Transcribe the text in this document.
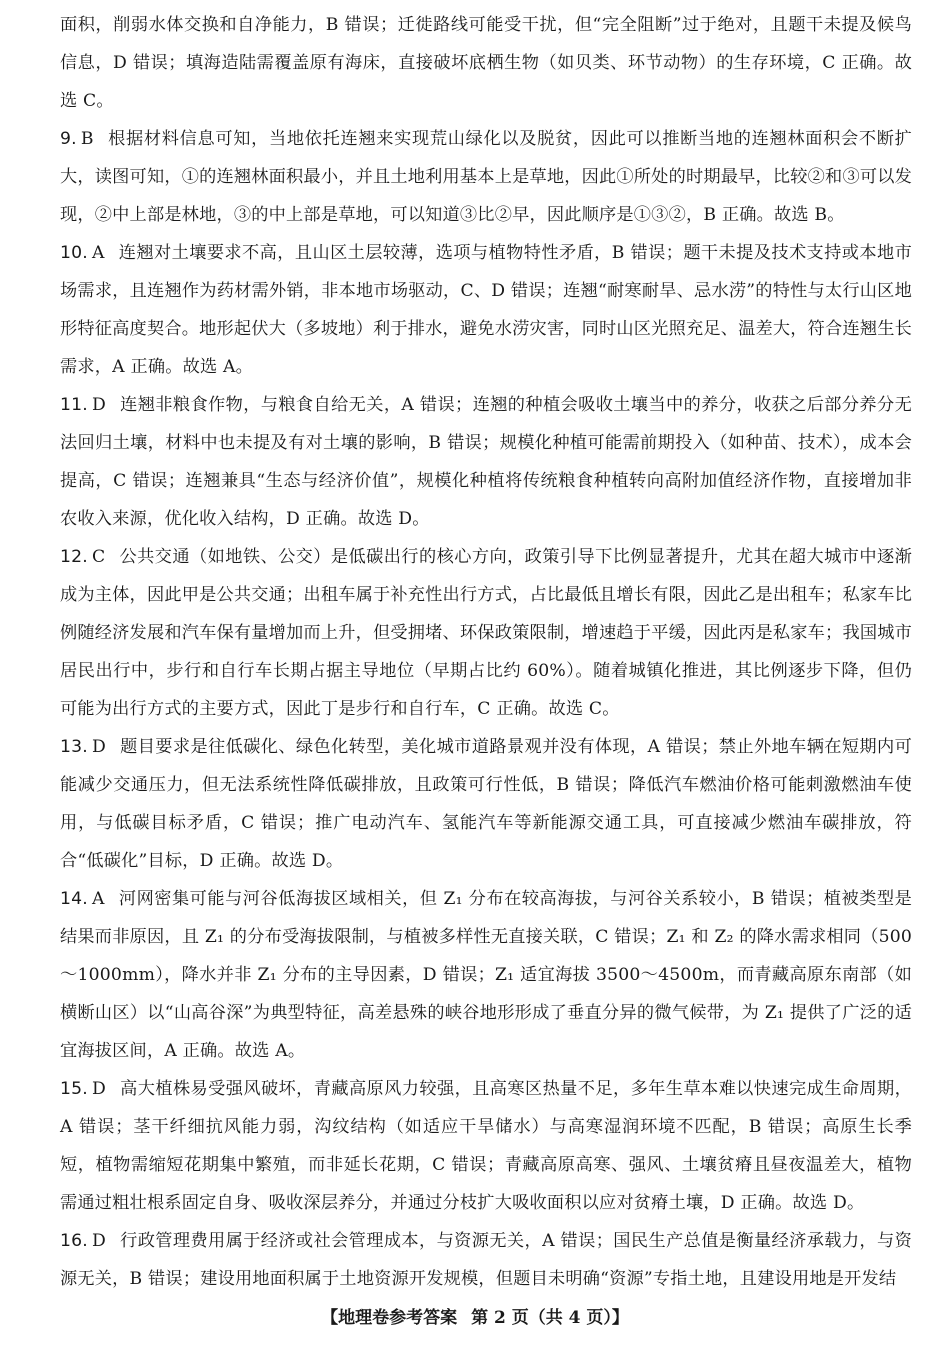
面积，削弱水体交换和自净能力，B 错误；迁徙路线可能受干扰，但“完全阻断”过于绝对，且题干未提及候鸟信息，D 错误；填海造陆需覆盖原有海床，直接破坏底栖生物（如贝类、环节动物）的生存环境，C 正确。故选 C。

9. B 根据材料信息可知，当地依托连翘来实现荒山绿化以及脱贫，因此可以推断当地的连翘林面积会不断扩大，读图可知，①的连翘林面积最小，并且土地利用基本上是草地，因此①所处的时期最早，比较②和③可以发现，②中上部是林地，③的中上部是草地，可以知道③比②早，因此顺序是①③②，B 正确。故选 B。

10. A 连翘对土壤要求不高，且山区土层较薄，选项与植物特性矛盾，B 错误；题干未提及技术支持或本地市场需求，且连翘作为药材需外销，非本地市场驱动，C、D 错误；连翘“耐寒耐旱、忌水涝”的特性与太行山区地形特征高度契合。地形起伏大（多坡地）利于排水，避免水涝灾害，同时山区光照充足、温差大，符合连翘生长需求，A 正确。故选 A。

11. D 连翘非粮食作物，与粮食自给无关，A 错误；连翘的种植会吸收土壤当中的养分，收获之后部分养分无法回归土壤，材料中也未提及有对土壤的影响，B 错误；规模化种植可能需前期投入（如种苗、技术），成本会提高，C 错误；连翘兼具“生态与经济价值”，规模化种植将传统粮食种植转向高附加值经济作物，直接增加非农收入来源，优化收入结构，D 正确。故选 D。

12. C 公共交通（如地铁、公交）是低碳出行的核心方向，政策引导下比例显著提升，尤其在超大城市中逐渐成为主体，因此甲是公共交通；出租车属于补充性出行方式，占比最低且增长有限，因此乙是出租车；私家车比例随经济发展和汽车保有量增加而上升，但受拥堵、环保政策限制，增速趋于平缓，因此丙是私家车；我国城市居民出行中，步行和自行车长期占据主导地位（早期占比约 60%）。随着城镇化推进，其比例逐步下降，但仍可能为出行方式的主要方式，因此丁是步行和自行车，C 正确。故选 C。

13. D 题目要求是往低碳化、绿色化转型，美化城市道路景观并没有体现，A 错误；禁止外地车辆在短期内可能减少交通压力，但无法系统性降低碳排放，且政策可行性低，B 错误；降低汽车燃油价格可能刺激燃油车使用，与低碳目标矛盾，C 错误；推广电动汽车、氢能汽车等新能源交通工具，可直接减少燃油车碳排放，符合“低碳化”目标，D 正确。故选 D。

14. A 河网密集可能与河谷低海拔区域相关，但 Z₁ 分布在较高海拔，与河谷关系较小，B 错误；植被类型是结果而非原因，且 Z₁ 的分布受海拔限制，与植被多样性无直接关联，C 错误；Z₁ 和 Z₂ 的降水需求相同（500～1000mm），降水并非 Z₁ 分布的主导因素，D 错误；Z₁ 适宜海拔 3500～4500m，而青藏高原东南部（如横断山区）以“山高谷深”为典型特征，高差悬殊的峡谷地形形成了垂直分异的微气候带，为 Z₁ 提供了广泛的适宜海拔区间，A 正确。故选 A。

15. D 高大植株易受强风破坏，青藏高原风力较强，且高寒区热量不足，多年生草本难以快速完成生命周期，A 错误；茎干纤细抗风能力弱，沟纹结构（如适应干旱储水）与高寒湿润环境不匹配，B 错误；高原生长季短，植物需缩短花期集中繁殖，而非延长花期，C 错误；青藏高原高寒、强风、土壤贫瘠且昼夜温差大，植物需通过粗壮根系固定自身、吸收深层养分，并通过分枝扩大吸收面积以应对贫瘠土壤，D 正确。故选 D。

16. D 行政管理费用属于经济或社会管理成本，与资源无关，A 错误；国民生产总值是衡量经济承载力，与资源无关，B 错误；建设用地面积属于土地资源开发规模，但题目未明确“资源”专指土地，且建设用地是开发结

【地理卷参考答案 第 2 页（共 4 页）】
